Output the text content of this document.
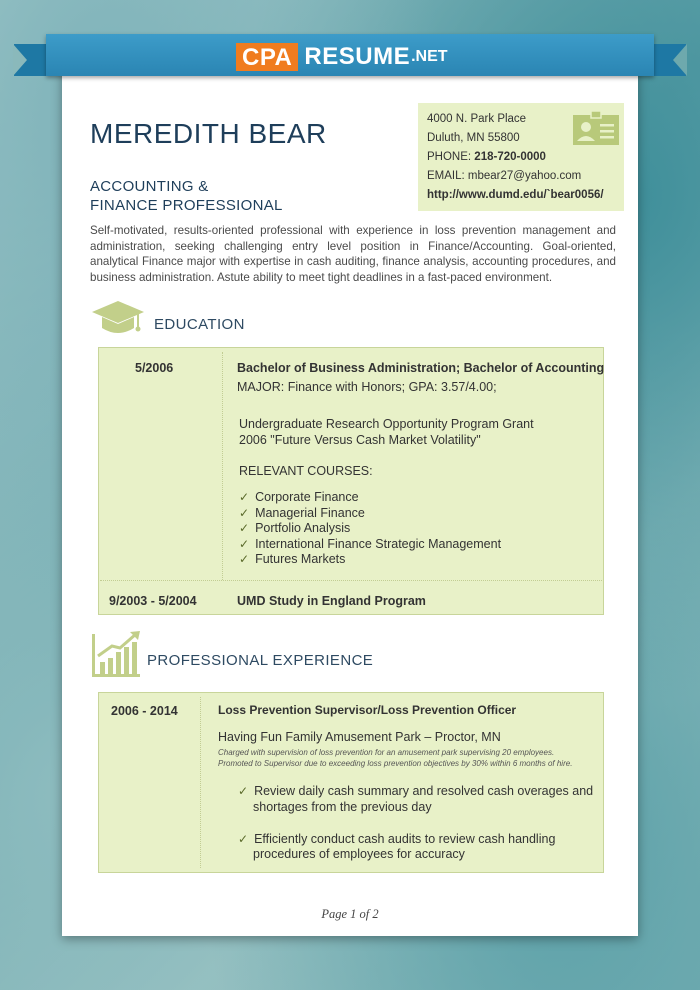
CPA RESUME .NET
MEREDITH BEAR
ACCOUNTING &
FINANCE PROFESSIONAL
4000 N. Park Place
Duluth, MN 55800
PHONE: 218-720-0000
EMAIL: mbear27@yahoo.com
http://www.dumd.edu/`bear0056/
Self-motivated, results-oriented professional with experience in loss prevention management and administration, seeking challenging entry level position in Finance/Accounting. Goal-oriented, analytical Finance major with expertise in cash auditing, finance analysis, accounting procedures, and business administration. Astute ability to meet tight deadlines in a fast-paced environment.
EDUCATION
5/2006	Bachelor of Business Administration; Bachelor of Accounting
MAJOR: Finance with Honors; GPA: 3.57/4.00;
Undergraduate Research Opportunity Program Grant
2006 "Future Versus Cash Market Volatility"
RELEVANT COURSES:
✓ Corporate Finance
✓ Managerial Finance
✓ Portfolio Analysis
✓ International Finance Strategic Management
✓ Futures Markets
9/2003 - 5/2004	UMD Study in England Program
PROFESSIONAL EXPERIENCE
2006 - 2014	Loss Prevention Supervisor/Loss Prevention Officer
Having Fun Family Amusement Park – Proctor, MN
Charged with supervision of loss prevention for an amusement park supervising 20 employees.
Promoted to Supervisor due to exceeding loss prevention objectives by 30% within 6 months of hire.
✓ Review daily cash summary and resolved cash overages and
shortages from the previous day
✓ Efficiently conduct cash audits to review cash handling
procedures of employees for accuracy
Page 1 of 2
